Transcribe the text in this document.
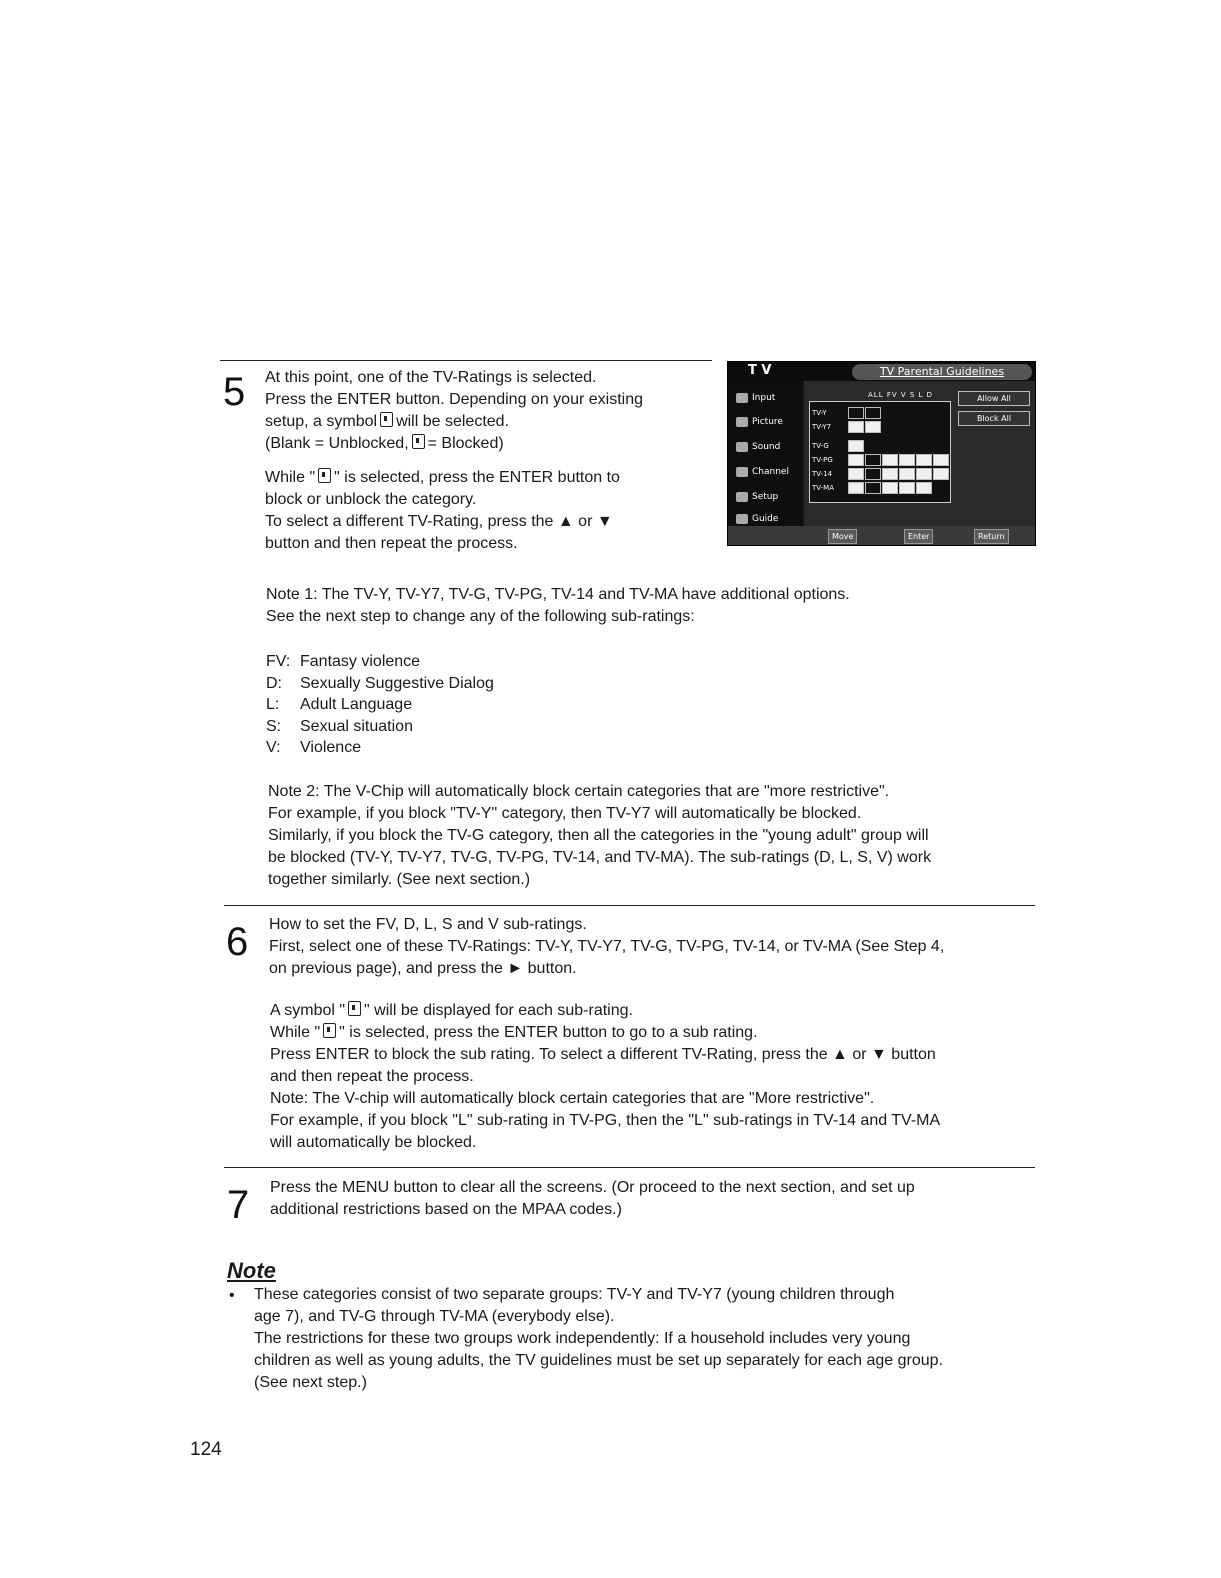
5 At this point, one of the TV-Ratings is selected.
Press the ENTER button. Depending on your existing
setup, a symbol will be selected.
(Blank = Unblocked, = Blocked)
While " " is selected, press the ENTER button to
block or unblock the category.
To select a different TV-Rating, press the ▲ or ▼
button and then repeat the process.
T V	TV Parental Guidelines
Input
Picture
Sound
Channel
Setup
Guide
ALL FV V S L D
TV-Y
TV-Y7
TV-G
TV-PG
TV-14
TV-MA
Allow All
Block All
Move	Enter	Return
Note 1: The TV-Y, TV-Y7, TV-G, TV-PG, TV-14 and TV-MA have additional options.
See the next step to change any of the following sub-ratings:
FV: Fantasy violence
D:	Sexually Suggestive Dialog
L:	Adult Language
S:	Sexual situation
V:	Violence
Note 2: The V-Chip will automatically block certain categories that are "more restrictive".
For example, if you block "TV-Y" category, then TV-Y7 will automatically be blocked.
Similarly, if you block the TV-G category, then all the categories in the "young adult" group will
be blocked (TV-Y, TV-Y7, TV-G, TV-PG, TV-14, and TV-MA). The sub-ratings (D, L, S, V) work
together similarly. (See next section.)
6 How to set the FV, D, L, S and V sub-ratings.
First, select one of these TV-Ratings: TV-Y, TV-Y7, TV-G, TV-PG, TV-14, or TV-MA (See Step 4,
on previous page), and press the ► button.
A symbol " " will be displayed for each sub-rating.
While " " is selected, press the ENTER button to go to a sub rating.
Press ENTER to block the sub rating. To select a different TV-Rating, press the ▲ or ▼ button
and then repeat the process.
Note: The V-chip will automatically block certain categories that are "More restrictive".
For example, if you block "L" sub-rating in TV-PG, then the "L" sub-ratings in TV-14 and TV-MA
will automatically be blocked.
7 Press the MENU button to clear all the screens. (Or proceed to the next section, and set up
additional restrictions based on the MPAA codes.)
Note
• These categories consist of two separate groups: TV-Y and TV-Y7 (young children through
age 7), and TV-G through TV-MA (everybody else).
The restrictions for these two groups work independently: If a household includes very young
children as well as young adults, the TV guidelines must be set up separately for each age group.
(See next step.)
124
